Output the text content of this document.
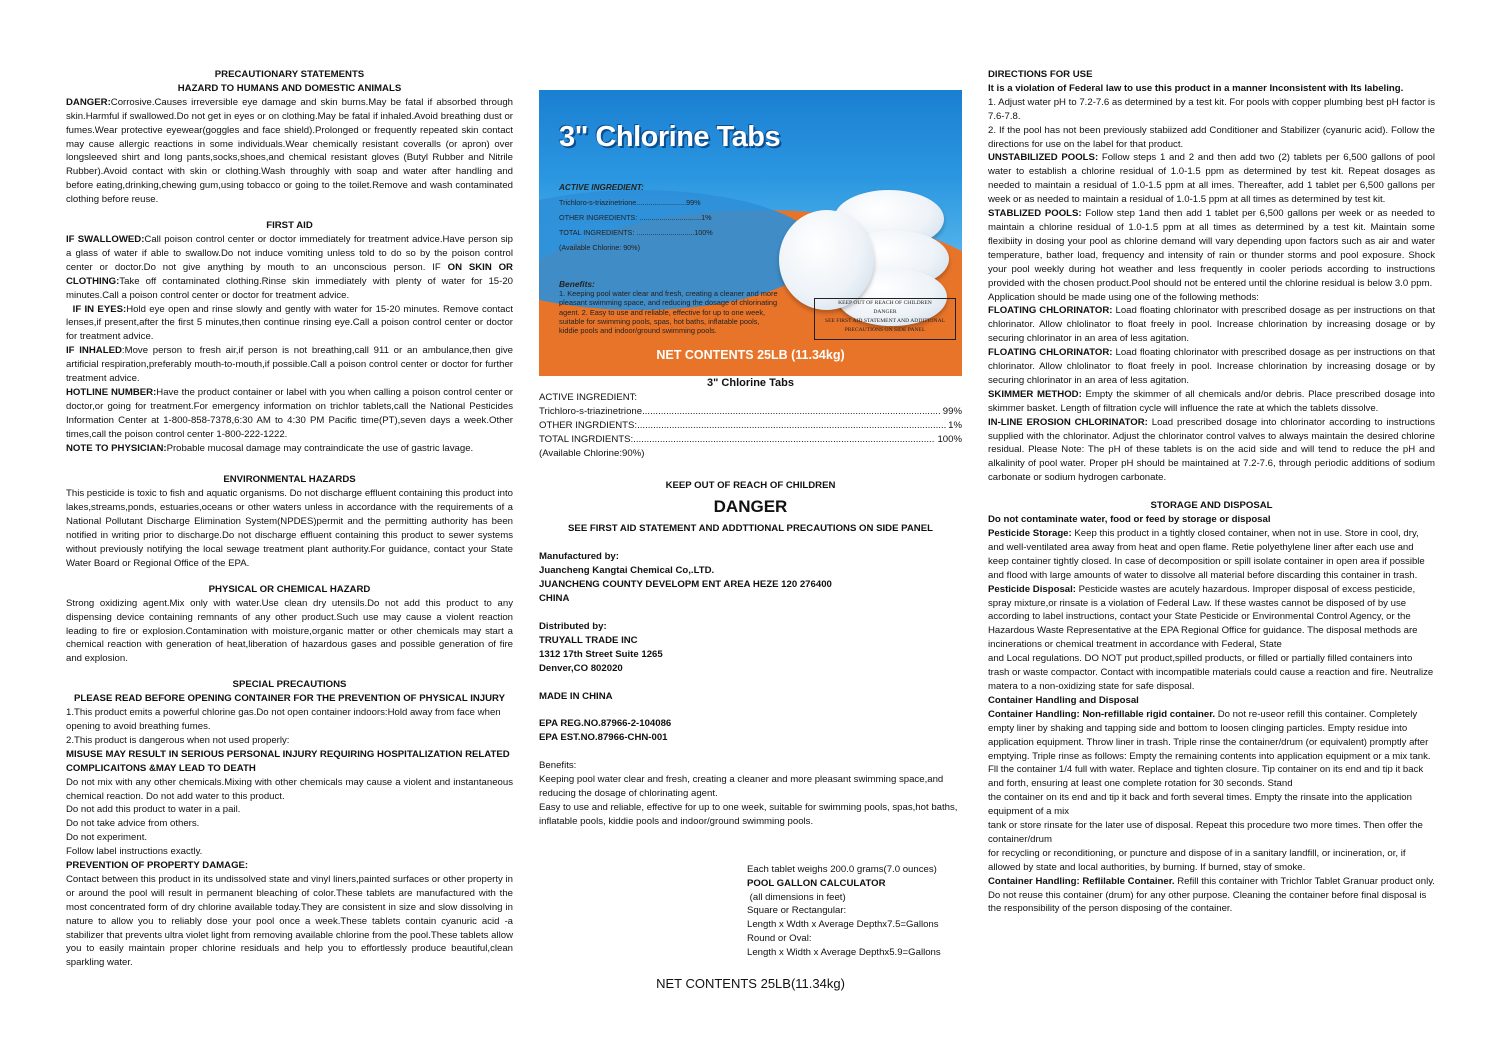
PRECAUTIONARY STATEMENTS
HAZARD TO HUMANS AND DOMESTIC ANIMALS

DANGER:Corrosive.Causes irreversible eye damage and skin burns.May be fatal if absorbed through skin.Harmful if swallowed.Do not get in eyes or on clothing.May be fatal if inhaled.Avoid breathing dust or fumes.Wear protective eyewear(goggles and face shield).Prolonged or frequently repeated skin contact may cause allergic reactions in some individuals.Wear chemically resistant coveralls (or apron) over longsleeved shirt and long pants,socks,shoes,and chemical resistant gloves (Butyl Rubber and Nitrile Rubber).Avoid contact with skin or clothing.Wash throughly with soap and water after handling and before eating,drinking,chewing gum,using tobacco or going to the toilet.Remove and wash contaminated clothing before reuse.

FIRST AID

IF SWALLOWED:Call poison control center or doctor immediately for treatment advice.Have person sip a glass of water if able to swallow.Do not induce vomiting unless told to do so by the poison control center or doctor.Do not give anything by mouth to an unconscious person. IF ON SKIN OR CLOTHING:Take off contaminated clothing.Rinse skin immediately with plenty of water for 15-20 minutes.Call a poison control center or doctor for treatment advice.

IF IN EYES:Hold eye open and rinse slowly and gently with water for 15-20 minutes. Remove contact lenses,if present,after the first 5 minutes,then continue rinsing eye.Call a poison control center or doctor for treatment advice.

IF INHALED:Move person to fresh air,if person is not breathing,call 911 or an ambulance,then give artificial respiration,preferably mouth-to-mouth,if possible.Call a poison control center or doctor for further treatment advice.

HOTLINE NUMBER:Have the product container or label with you when calling a poison control center or doctor,or going for treatment.For emergency information on trichlor tablets,call the National Pesticides Information Center at 1-800-858-7378,6:30 AM to 4:30 PM Pacific time(PT),seven days a week.Other times,call the poison control center 1-800-222-1222.

NOTE TO PHYSICIAN:Probable mucosal damage may contraindicate the use of gastric lavage.

ENVIRONMENTAL HAZARDS

This pesticide is toxic to fish and aquatic organisms. Do not discharge effluent containing this product into lakes,streams,ponds, estuaries,oceans or other waters unless in accordance with the requirements of a National Pollutant Discharge Elimination System(NPDES)permit and the permitting authority has been notified in writing prior to discharge.Do not discharge effluent containing this product to sewer systems without previously notifying the local sewage treatment plant authority.For guidance, contact your State Water Board or Regional Office of the EPA.

PHYSICAL OR CHEMICAL HAZARD

Strong oxidizing agent.Mix only with water.Use clean dry utensils.Do not add this product to any dispensing device containing remnants of any other product.Such use may cause a violent reaction leading to fire or explosion.Contamination with moisture,organic matter or other chemicals may start a chemical reaction with generation of heat,liberation of hazardous gases and possible generation of fire and explosion.

SPECIAL PRECAUTIONS
PLEASE READ BEFORE OPENING CONTAINER FOR THE PREVENTION OF PHYSICAL INJURY

1.This product emits a powerful chlorine gas.Do not open container indoors:Hold away from face when opening to avoid breathing fumes.

2.This product is dangerous when not used properly:

MISUSE MAY RESULT IN SERIOUS PERSONAL INJURY REQUIRING HOSPITALIZATION RELATED COMPLICAITONS &MAY LEAD TO DEATH

Do not mix with any other chemicals.Mixing with other chemicals may cause a violent and instantaneous chemical reaction. Do not add water to this product.

Do not add this product to water in a pail.

Do not take advice from others.

Do not experiment.

Follow label instructions exactly.

PREVENTION OF PROPERTY DAMAGE:

Contact between this product in its undissolved state and vinyl liners,painted surfaces or other property in or around the pool will result in permanent bleaching of color.These tablets are manufactured with the most concentrated form of dry chlorine available today.They are consistent in size and slow dissolving in nature to allow you to reliably dose your pool once a week.These tablets contain cyanuric acid -a stabilizer that prevents ultra violet light from removing available chlorine from the pool.These tablets allow you to easily maintain proper chlorine residuals and help you to effortlessly produce beautiful,clean sparkling water.

3" Chlorine Tabs
ACTIVE INGREDIENT:
Trichloro-s-triazinetrione.........................99%
OTHER INGREDIENTS: ...............................1%
TOTAL INGREDIENTS: .............................100%
(Available Chlorine: 90%)
Benefits:
1. Keeping pool water clear and fresh, creating a cleaner and more pleasant swimming space, and reducing the dosage of chlorinating agent. 2. Easy to use and reliable, effective for up to one week, suitable for swimming pools, spas, hot baths, inflatable pools, kiddie pools and indoor/ground swimming pools.
KEEP OUT OF REACH OF CHILDREN
DANGER
SEE FIRST AID STATEMENT AND ADDITIONAL PRECAUTIONS ON SIDE PANEL
NET CONTENTS 25LB (11.34kg)
3" Chlorine Tabs

ACTIVE INGREDIENT:

Trichloro-s-triazinetrione .....	99%
OTHER INGRDIENTS: .....	1%
TOTAL INGRDIENTS: .....	100%

(Available Chlorine:90%)

KEEP OUT OF REACH OF CHILDREN

DANGER

SEE FIRST AID STATEMENT AND ADDTTIONAL PRECAUTIONS ON SIDE PANEL

Manufactured by:

Juancheng Kangtai Chemical Co,.LTD.

JUANCHENG COUNTY DEVELOPM ENT AREA HEZE 120 276400

CHINA

Distributed by:

TRUYALL TRADE INC

1312 17th Street Suite 1265

Denver,CO 802020

MADE IN CHINA

EPA REG.NO.87966-2-104086

EPA EST.NO.87966-CHN-001

Benefits:

Keeping pool water clear and fresh, creating a cleaner and more pleasant swimming space,and reducing the dosage of chlorinating agent.

Easy to use and reliable, effective for up to one week, suitable for swimming pools, spas,hot baths, inflatable pools, kiddie pools and indoor/ground swimming pools.

Each tablet weighs 200.0 grams(7.0 ounces)

POOL GALLON CALCULATOR

(all dimensions in feet)

Square or Rectangular:

Length x Wdth x Average Depthx7.5=Gallons

Round or Oval:

Length x Width x Average Depthx5.9=Gallons

NET CONTENTS 25LB(11.34kg)

DIRECTIONS FOR USE

It is a violation of Federal law to use this product in a manner Inconsistent with Its labeling.

1. Adjust water pH to 7.2-7.6 as determined by a test kit. For pools with copper plumbing best pH factor is 7.6-7.8.

2. If the pool has not been previously stabiized add Conditioner and Stabilizer (cyanuric acid). Follow the directions for use on the label for that product.

UNSTABILIZED POOLS: Follow steps 1 and 2 and then add two (2) tablets per 6,500 gallons of pool water to establish a chlorine residual of 1.0-1.5 ppm as determined by test kit. Repeat dosages as needed to maintain a residual of 1.0-1.5 ppm at all imes. Thereafter, add 1 tablet per 6,500 gallons per week or as needed to maintain a residual of 1.0-1.5 ppm at all times as determined by test kit.

STABLIZED POOLS: Follow step 1and then add 1 tablet per 6,500 gallons per week or as needed to maintain a chlorine residual of 1.0-1.5 ppm at all times as determined by a test kit. Maintain some flexibiity in dosing your pool as chlorine demand will vary depending upon factors such as air and water temperature, bather load, frequency and intensity of rain or thunder storms and pool exposure. Shock your pool weekly during hot weather and less frequently in cooler periods according to instructions provided with the chosen product.Pool should not be entered until the chlorine residual is below 3.0 ppm.

Application should be made using one of the following methods:

FLOATING CHLORINATOR: Load floating chlorinator with prescribed dosage as per instructions on that chlorinator. Allow chlolinator to float freely in pool. Increase chlorination by increasing dosage or by securing chlorinator in an area of less agitation.

FLOATING CHLORINATOR: Load floating chlorinator with prescribed dosage as per instructions on that chlorinator. Allow chlolinator to float freely in pool. Increase chlorination by increasing dosage or by securing chlorinator in an area of less agitation.

SKIMMER METHOD: Empty the skimmer of all chemicals and/or debris. Place prescribed dosage into skimmer basket. Length of filtration cycle will influence the rate at which the tablets dissolve.

IN-LINE EROSION CHLORINATOR: Load prescribed dosage into chlorinator according to instructions supplied with the chlorinator. Adjust the chlorinator control valves to always maintain the desired chlorine residual. Please Note: The pH of these tablets is on the acid side and will tend to reduce the pH and alkalinity of pool water. Proper pH should be maintained at 7.2-7.6, through periodic additions of sodium carbonate or sodium hydrogen carbonate.

STORAGE AND DISPOSAL

Do not contaminate water, food or feed by storage or disposal

Pesticide Storage: Keep this product in a tightly closed container, when not in use. Store in cool, dry, and well-ventilated area away from heat and open flame. Retie polyethylene liner after each use and keep container tightly closed. In case of decomposition or spill isolate container in open area if possible and flood with large amounts of water to dissolve all material before discarding this container in trash.

Pesticide Disposal: Pesticide wastes are acutely hazardous. Improper disposal of excess pesticide, spray mixture,or rinsate is a violation of Federal Law. If these wastes cannot be disposed of by use according to label instructions, contact your State Pesticide or Environmental Control Agency, or the Hazardous Waste Representative at the EPA Regional Office for guidance. The disposal methods are incinerations or chemical treatment in accordance with Federal, State

and Local regulations. DO NOT put product,spilled products, or filled or partially filled containers into trash or waste compactor. Contact with incompatible materials could cause a reaction and fire. Neutralize matera to a non-oxidizing state for safe disposal.

Container Handling and Disposal

Container Handling: Non-refillable rigid container. Do not re-useor refill this container. Completely empty liner by shaking and tapping side and bottom to loosen clinging particles. Empty residue into application equipment. Throw liner in trash. Triple rinse the container/drum (or equivalent) promptly after emptying. Triple rinse as follows: Empty the remaining contents into application equipment or a mix tank. Fll the container 1/4 full with water. Replace and tighten closure. Tip container on its end and tip it back and forth, ensuring at least one complete rotation for 30 seconds. Stand

the container on its end and tip it back and forth several times. Empty the rinsate into the application equipment of a mix

tank or store rinsate for the later use of disposal. Repeat this procedure two more times. Then offer the container/drum

for recycling or reconditioning, or puncture and dispose of in a sanitary landfill, or incineration, or, if allowed by state and local authorities, by burning. If burned, stay of smoke.

Container Handling: Reflilable Container. Refill this container with Trichlor Tablet Granuar product only. Do not reuse this container (drum) for any other purpose. Cleaning the container before final disposal is the responsibility of the person disposing of the container.
